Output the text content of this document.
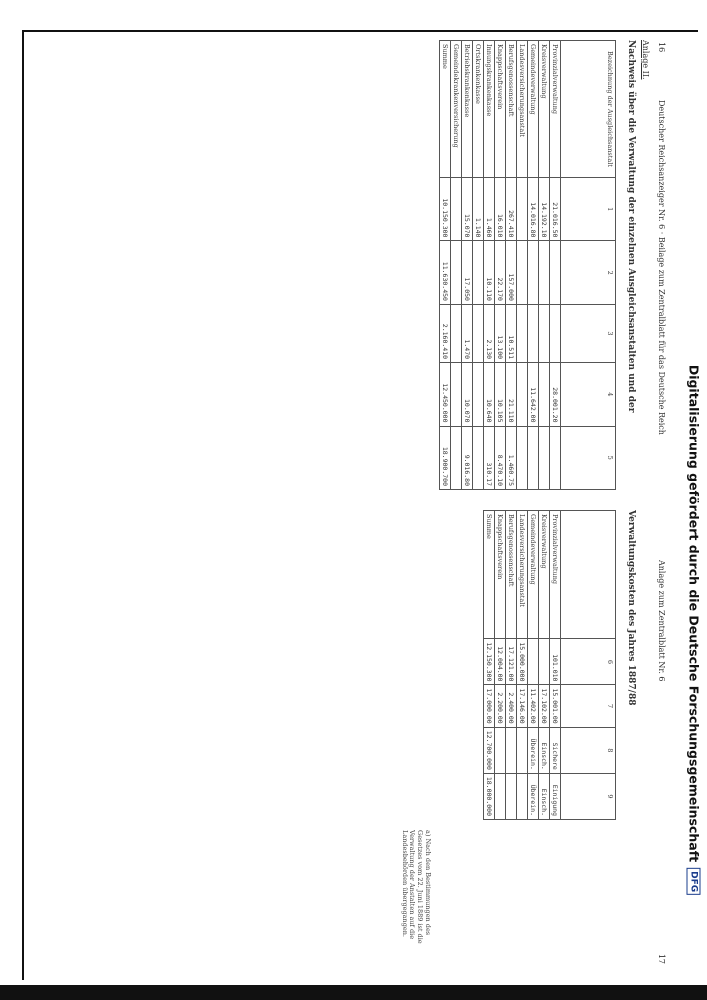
16
Deutscher Reichsanzeiger Nr. 6 · Beilage zum Zentralblatt für das Deutsche Reich
Anlage zum Zentralblatt Nr. 6
17
Anlage II.
Nachweis über die Verwaltung der einzelnen Ausgleichsanstalten und der
Verwaltungskosten des Jahres 1887/88
Bezeichnung der Ausgleichsanstalt	1	2	3	4	5
Provinzialverwaltung	21.016.50			28.001.20	
Kreisverwaltung	14.192.10				
Gemeindeverwaltung	14.016.80			11.642.00	
Landesversicherungsanstalt					
Berufsgenossenschaft	267.410	157.000	10.511	21.110	1.460.75
Knappschaftsverein	16.010	22.170	13.100	10.105	8.470.10
Innungskrankenkasse	1.460	10.110	2.130	10.640	310.17
Ortskrankenkasse	1.140				
Betriebskrankenkasse	15.070	17.050	1.470	10.070	9.016.80
Gemeindekrankenversicherung					
Summe	10.150.300	11.630.450	2.160.410	12.450.000	18.900.700
	6	7	8	9
Provinzialverwaltung	101.010	15.001.00	Sichere	Einigung
Kreisverwaltung		17.102.00	Einsch.	Einsch.
Gemeindeverwaltung		11.402.00	Überein.	Überein.
Landesversicherungsanstalt	15.000.000	17.146.00		
Berufsgenossenschaft	17.121.00	2.400.00		
Knappschaftsverein	12.004.00	2.200.00		
Summe	12.150.300	17.000.00	12.700.000	18.000.000
a) Nach den Bestimmungen des Gesetzes vom 22. Juni 1889 ist die Verwaltung der Anstalten auf die Landesbehörden übergegangen.
Digitalisierung gefördert durch die Deutsche Forschungsgemeinschaft
DFG
